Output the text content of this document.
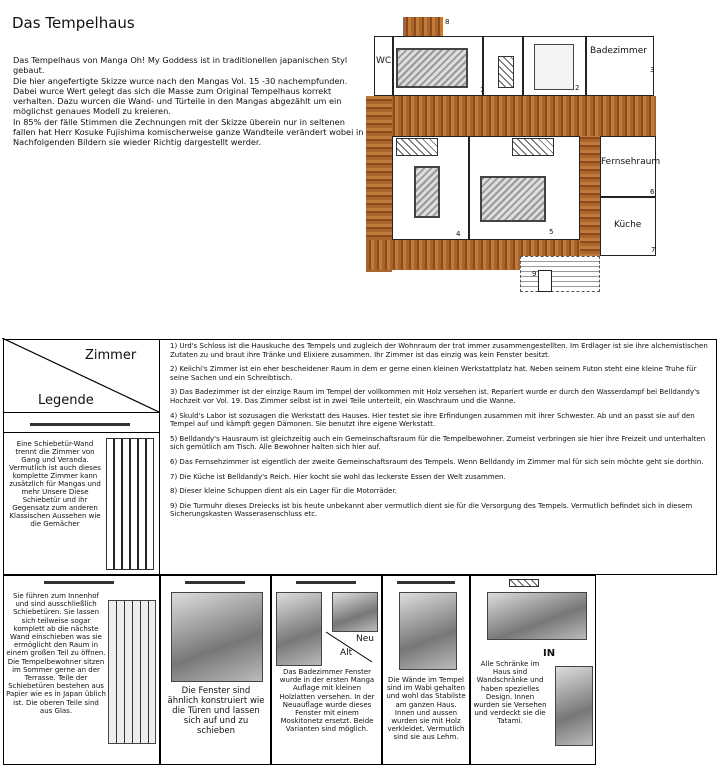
Das Tempelhaus

Das Tempelhaus von Manga Oh! My Goddess ist in traditionellen japanischen Styl gebaut.

Die hier angefertigte Skizze wurce nach den Mangas Vol. 15 -30 nachempfunden.

Dabei wurce Wert gelegt das sich die Masse zum Original Tempelhaus korrekt verhalten. Dazu wurcen die Wand- und Türteile in den Mangas abgezählt um ein möglichst genaues Modell zu kreieren.

In 85% der fälle Stimmen die Zechnungen mit der Skizze überein nur in seltenen fallen hat Herr Kosuke Fujishima komischerweise ganze Wandteile verändert wobei in Nachfolgenden Bildern sie wieder Richtig dargestellt werder.

8
WC
Badezimmer
1	2
3
4	5
Fernsehraum
Küche
6
7
9
Zimmer
Legende
Eine Schiebetür-Wand trennt die Zimmer von Gang und Veranda. Vermutlich ist auch dieses komplette Zimmer kann zusätzlich für Mangas und mehr Unsere Diese Schiebetür und ihr Gegensatz zum anderen Klassischen Aussehen wie die Gemächer

1) Urd's Schloss ist die Hauskuche des Tempels und zugleich der Wohnraum der trat immer zusammengestellten. Im Erdlager ist sie ihre alchemistischen Zutaten zu und braut ihre Tränke und Elixiere zusammen. Ihr Zimmer ist das einzig was kein Fenster besitzt.

2) Keiichi's Zimmer ist ein eher bescheidener Raum in dem er gerne einen kleinen Werkstattplatz hat. Neben seinem Futon steht eine kleine Truhe für seine Sachen und ein Schreibtisch.

3) Das Badezimmer ist der einzige Raum im Tempel der vollkommen mit Holz versehen ist. Repariert wurde er durch den Wasserdampf bei Belldandy's Hochzeit vor Vol. 19. Das Zimmer selbst ist in zwei Teile unterteilt, ein Waschraum und die Wanne.

4) Skuld's Labor ist sozusagen die Werkstatt des Hauses. Hier testet sie ihre Erfindungen zusammen mit ihrer Schwester. Ab und an passt sie auf den Tempel auf und kämpft gegen Dämonen. Sie benutzt ihre eigene Werkstatt.

5) Belldandy's Hausraum ist gleichzeitig auch ein Gemeinschaftsraum für die Tempelbewohner. Zumeist verbringen sie hier ihre Freizeit und unterhalten sich gemütlich am Tisch. Alle Bewohner halten sich hier auf.

6) Das Fernsehzimmer ist eigentlich der zweite Gemeinschaftsraum des Tempels. Wenn Belldandy im Zimmer mal für sich sein möchte geht sie dorthin.

7) Die Küche ist Belldandy's Reich. Hier kocht sie wohl das leckerste Essen der Welt zusammen.

8) Dieser kleine Schuppen dient als ein Lager für die Motorräder.

9) Die Turmuhr dieses Dreiecks ist bis heute unbekannt aber vermutlich dient sie für die Versorgung des Tempels. Vermutlich befindet sich in diesem Sicherungskasten Wasserasenschluss etc.

Sie führen zum Innenhof und sind ausschließlich Schiebetüren. Sie lassen sich teilweise sogar komplett ab die nächste Wand einschieben was sie ermöglicht den Raum in einem großen Teil zu öffnen. Die Tempelbewohner sitzen im Sommer gerne an der Terrasse. Teile der Schiebetüren bestehen aus Papier wie es in Japan üblich ist. Die oberen Teile sind aus Glas.
Die Fenster sind ähnlich konstruiert wie die Türen und lassen sich auf und zu schieben
Neu
Alt
Das Badezimmer Fenster wurde in der ersten Manga Auflage mit kleinen Holzlatten versehen. In der Neuauflage wurde dieses Fenster mit einem Moskitonetz ersetzt. Beide Varianten sind möglich.
Die Wände im Tempel sind im Wabi gehalten und wohl das Stabilste am ganzen Haus. Innen und aussen wurden sie mit Holz verkleidet. Vermutlich sind sie aus Lehm.
IN
Alle Schränke im Haus sind Wandschränke und haben spezielles Design. Innen wurden sie Versehen und verdeckt sie die Tatami.
